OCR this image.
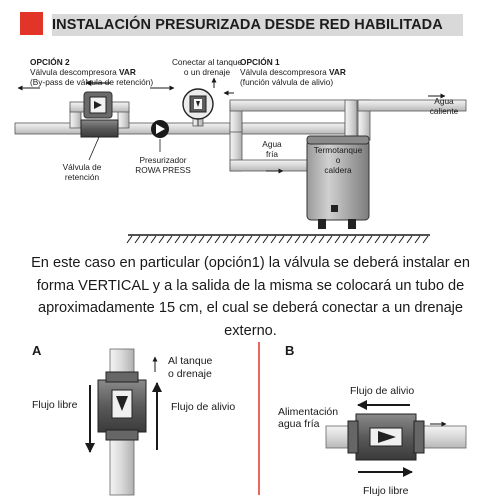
INSTALACIÓN PRESURIZADA DESDE RED HABILITADA
OPCIÓN 2
Válvula descompresora VAR
(By-pass de válvula de retención)
Conectar al tanque
o un drenaje
OPCIÓN 1
Válvula descompresora VAR
(función válvula de alivio)
Agua
caliente
Agua
fría	Termotanque
o
caldera
Válvula de
retención
Presurizador
ROWA PRESS
A
Al tanque
o drenaje
Flujo libre	Flujo de alivio
B
Flujo de alivio
Alimentación
agua fría
Flujo libre
En este caso en particular (opción1) la válvula se deberá instalar en forma VERTICAL y a la salida de la misma se colocará un tubo de aproximadamente 15 cm, el cual se deberá conectar a un drenaje externo.
